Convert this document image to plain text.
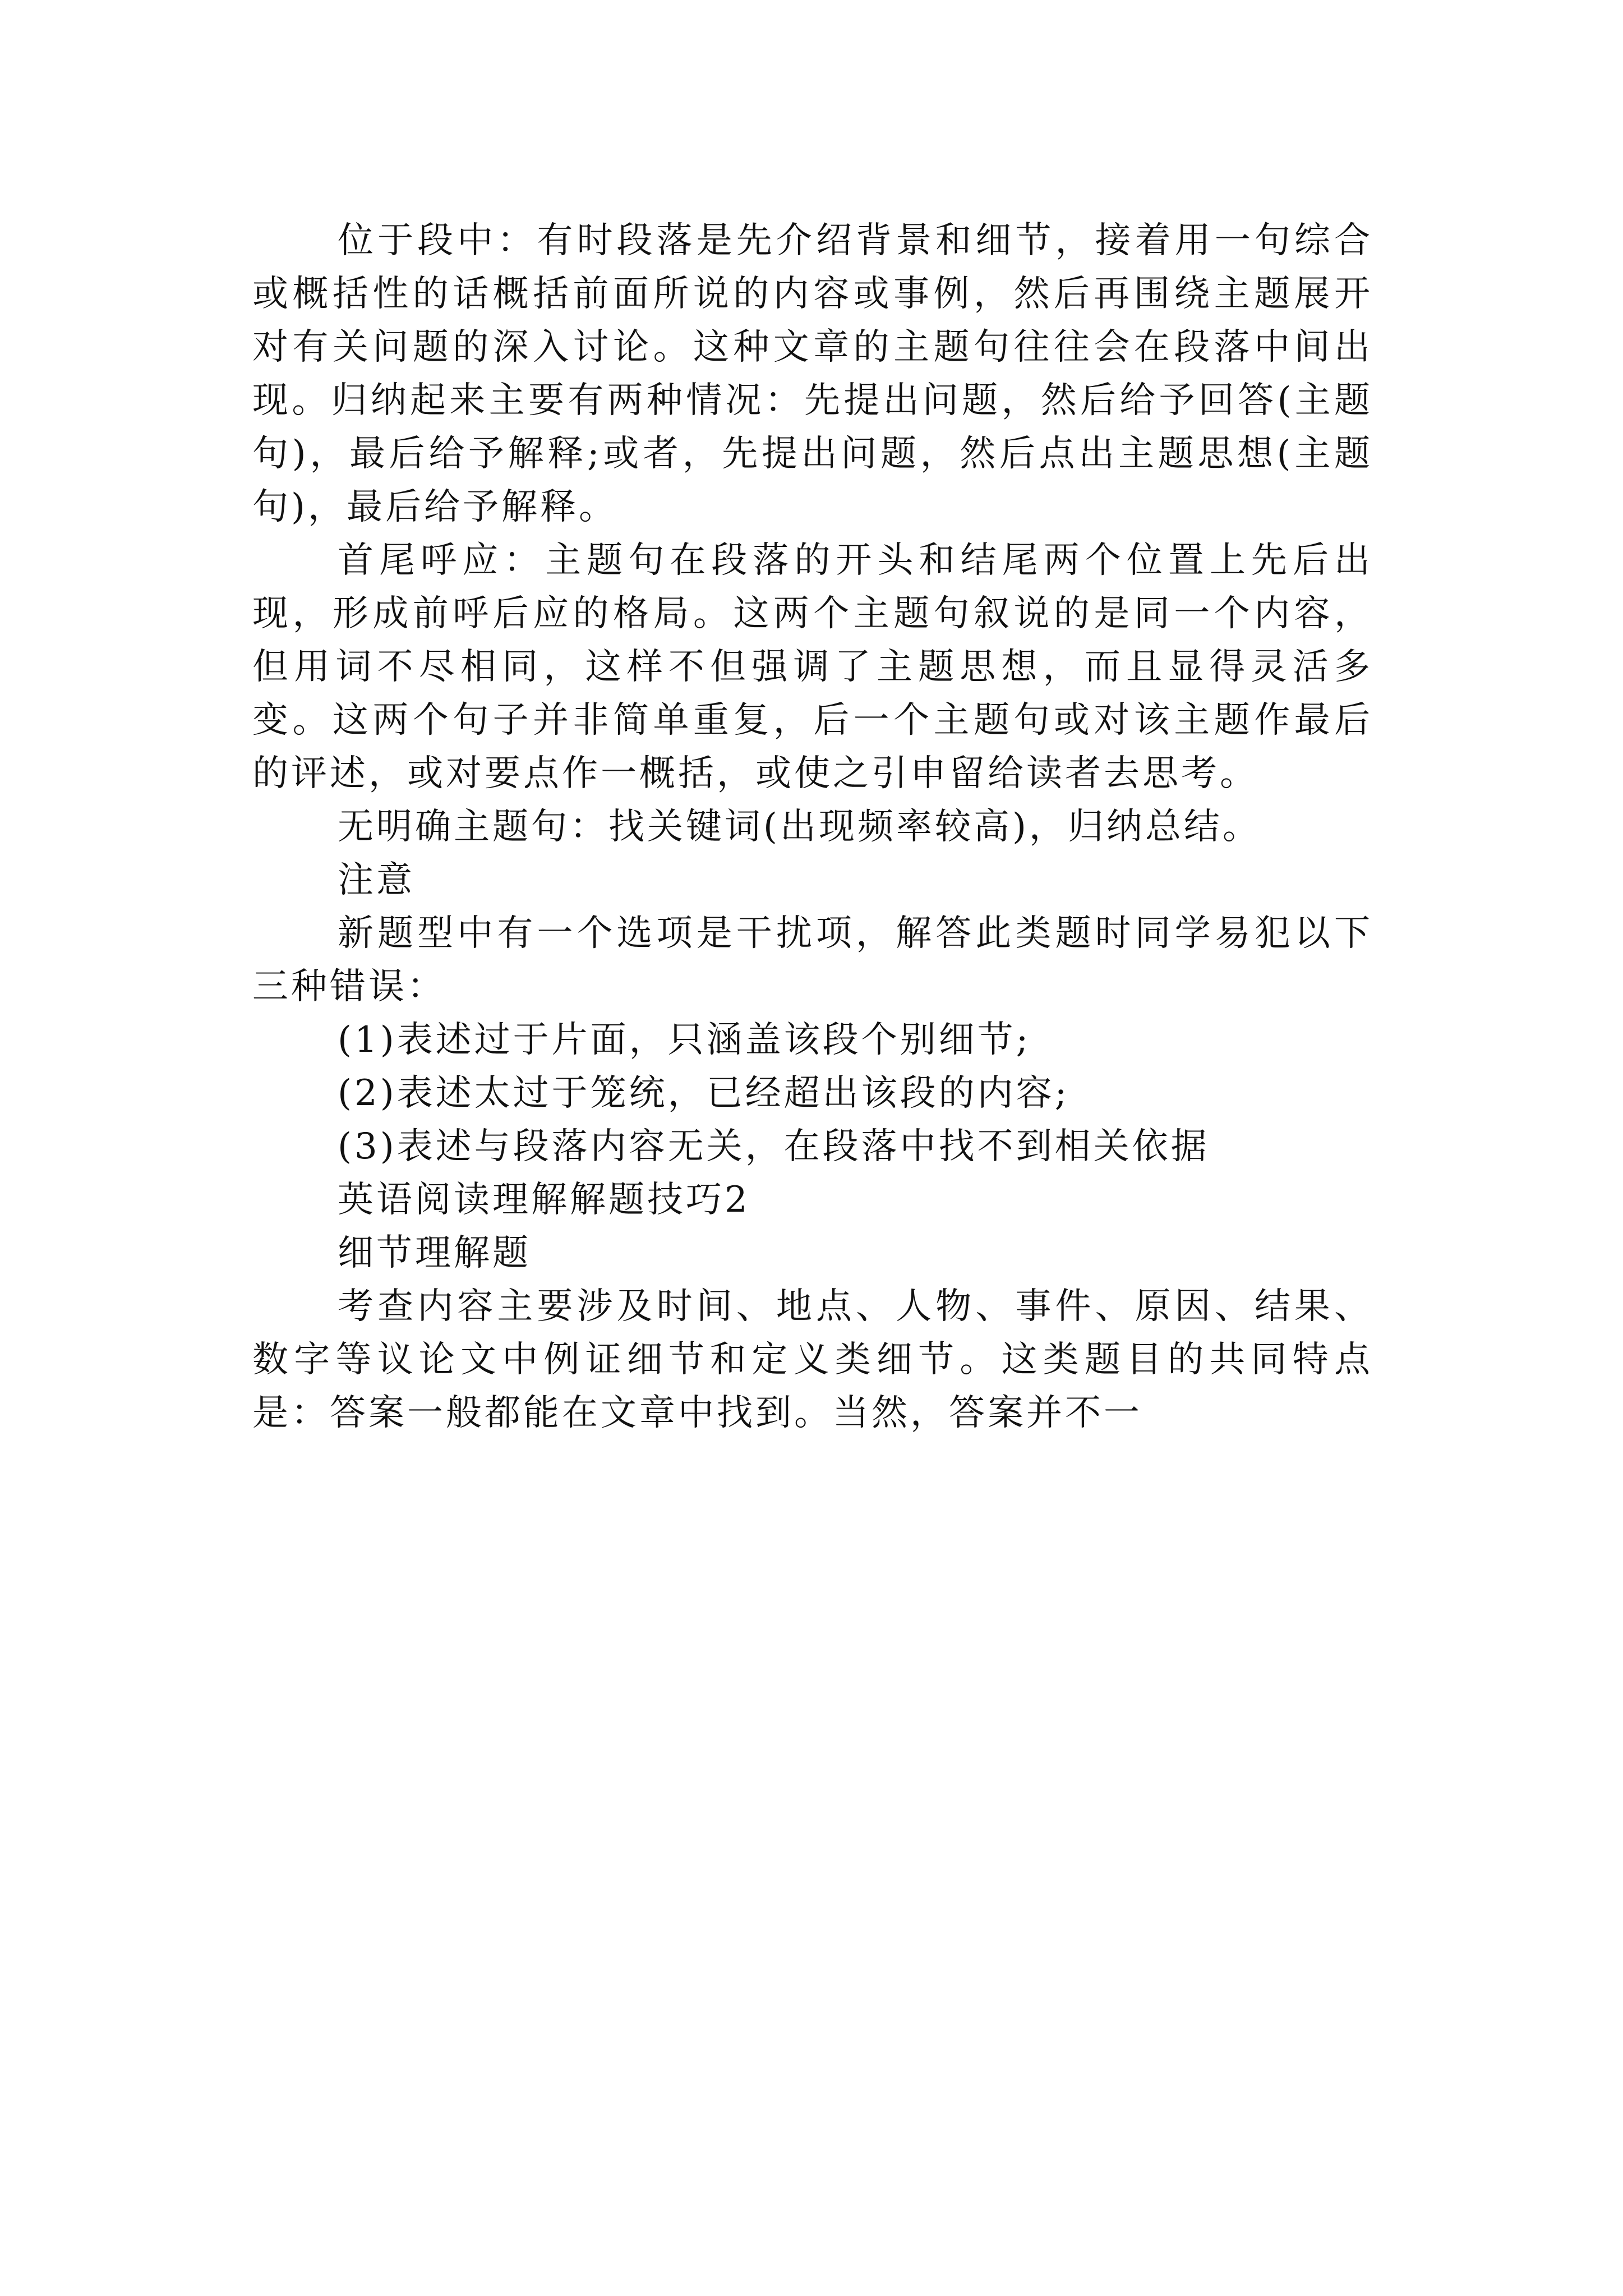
位于段中：有时段落是先介绍背景和细节，接着用一句综合或概括性的话概括前面所说的内容或事例，然后再围绕主题展开对有关问题的深入讨论。这种文章的主题句往往会在段落中间出现。归纳起来主要有两种情况：先提出问题，然后给予回答(主题句)，最后给予解释;或者，先提出问题，然后点出主题思想(主题句)，最后给予解释。

首尾呼应：主题句在段落的开头和结尾两个位置上先后出现，形成前呼后应的格局。这两个主题句叙说的是同一个内容，但用词不尽相同，这样不但强调了主题思想，而且显得灵活多变。这两个句子并非简单重复，后一个主题句或对该主题作最后的评述，或对要点作一概括，或使之引申留给读者去思考。

无明确主题句：找关键词(出现频率较高)，归纳总结。

注意

新题型中有一个选项是干扰项，解答此类题时同学易犯以下三种错误：

(1)表述过于片面，只涵盖该段个别细节;

(2)表述太过于笼统，已经超出该段的内容;

(3)表述与段落内容无关，在段落中找不到相关依据

英语阅读理解解题技巧2

细节理解题

考查内容主要涉及时间、地点、人物、事件、原因、结果、数字等议论文中例证细节和定义类细节。这类题目的共同特点是：答案一般都能在文章中找到。当然，答案并不一
